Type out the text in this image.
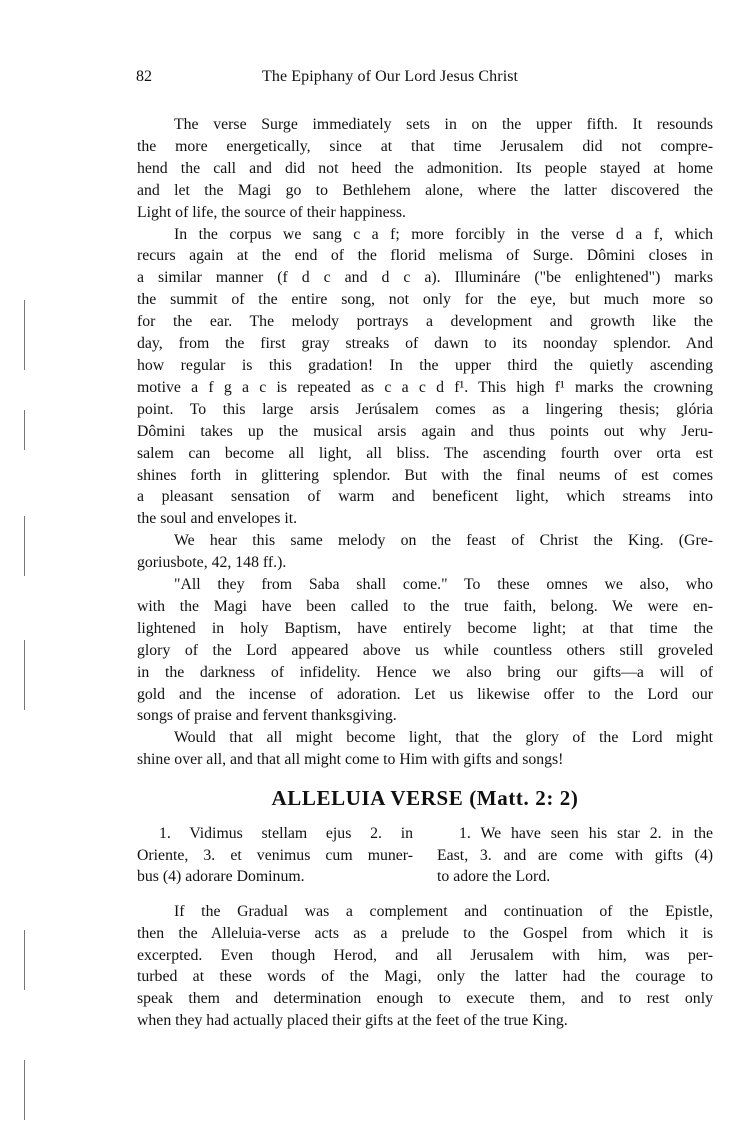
82	The Epiphany of Our Lord Jesus Christ
The verse Surge immediately sets in on the upper fifth. It resounds
the more energetically, since at that time Jerusalem did not compre-
hend the call and did not heed the admonition. Its people stayed at home
and let the Magi go to Bethlehem alone, where the latter discovered the
Light of life, the source of their happiness.
In the corpus we sang c a f; more forcibly in the verse d a f, which
recurs again at the end of the florid melisma of Surge. Dômini closes in
a similar manner (f d c and d c a). Illumináre ("be enlightened") marks
the summit of the entire song, not only for the eye, but much more so
for the ear. The melody portrays a development and growth like the
day, from the first gray streaks of dawn to its noonday splendor. And
how regular is this gradation! In the upper third the quietly ascending
motive a f g a c is repeated as c a c d f¹. This high f¹ marks the crowning
point. To this large arsis Jerúsalem comes as a lingering thesis; glória
Dômini takes up the musical arsis again and thus points out why Jeru-
salem can become all light, all bliss. The ascending fourth over orta est
shines forth in glittering splendor. But with the final neums of est comes
a pleasant sensation of warm and beneficent light, which streams into
the soul and envelopes it.
We hear this same melody on the feast of Christ the King. (Gre-
goriusbote, 42, 148 ff.).
"All they from Saba shall come." To these omnes we also, who
with the Magi have been called to the true faith, belong. We were en-
lightened in holy Baptism, have entirely become light; at that time the
glory of the Lord appeared above us while countless others still groveled
in the darkness of infidelity. Hence we also bring our gifts—a will of
gold and the incense of adoration. Let us likewise offer to the Lord our
songs of praise and fervent thanksgiving.
Would that all might become light, that the glory of the Lord might
shine over all, and that all might come to Him with gifts and songs!
ALLELUIA VERSE (Matt. 2: 2)
1. Vidimus stellam ejus 2. in
Oriente, 3. et venimus cum muner-
bus (4) adorare Dominum.
1. We have seen his star 2. in the
East, 3. and are come with gifts (4)
to adore the Lord.
If the Gradual was a complement and continuation of the Epistle,
then the Alleluia-verse acts as a prelude to the Gospel from which it is
excerpted. Even though Herod, and all Jerusalem with him, was per-
turbed at these words of the Magi, only the latter had the courage to
speak them and determination enough to execute them, and to rest only
when they had actually placed their gifts at the feet of the true King.
